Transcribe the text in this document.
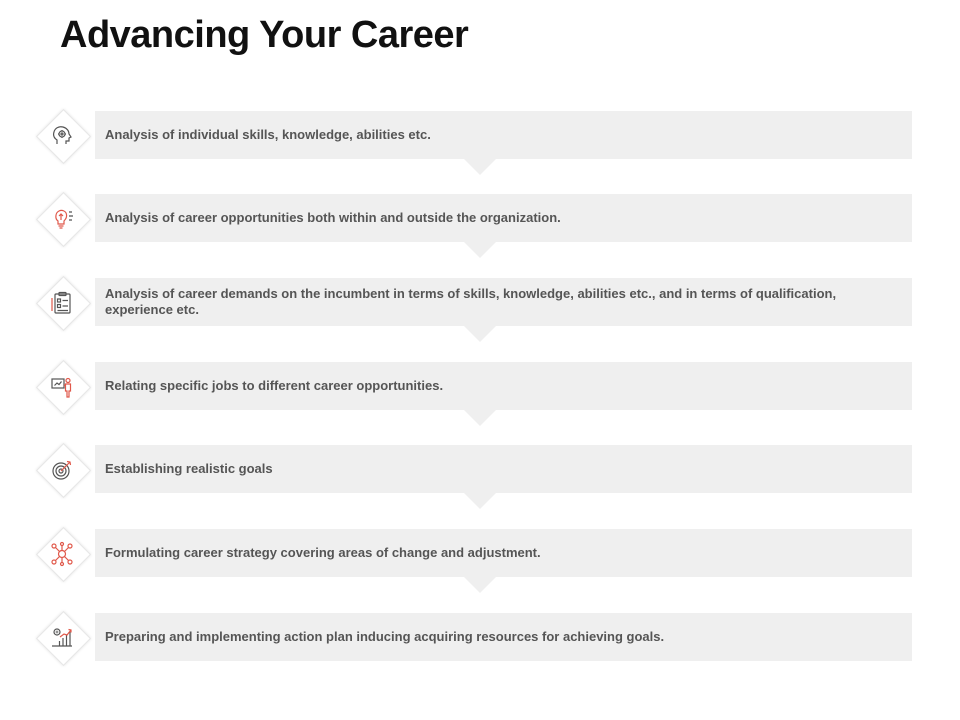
Advancing Your Career
Analysis of individual skills, knowledge, abilities etc.
Analysis of career opportunities both within and outside the organization.
Analysis of career demands on the incumbent in terms of skills, knowledge, abilities etc., and in terms of qualification, experience etc.
Relating specific jobs to different career opportunities.
Establishing realistic goals
Formulating career strategy covering areas of change and adjustment.
Preparing and implementing action plan inducing acquiring resources for achieving goals.
